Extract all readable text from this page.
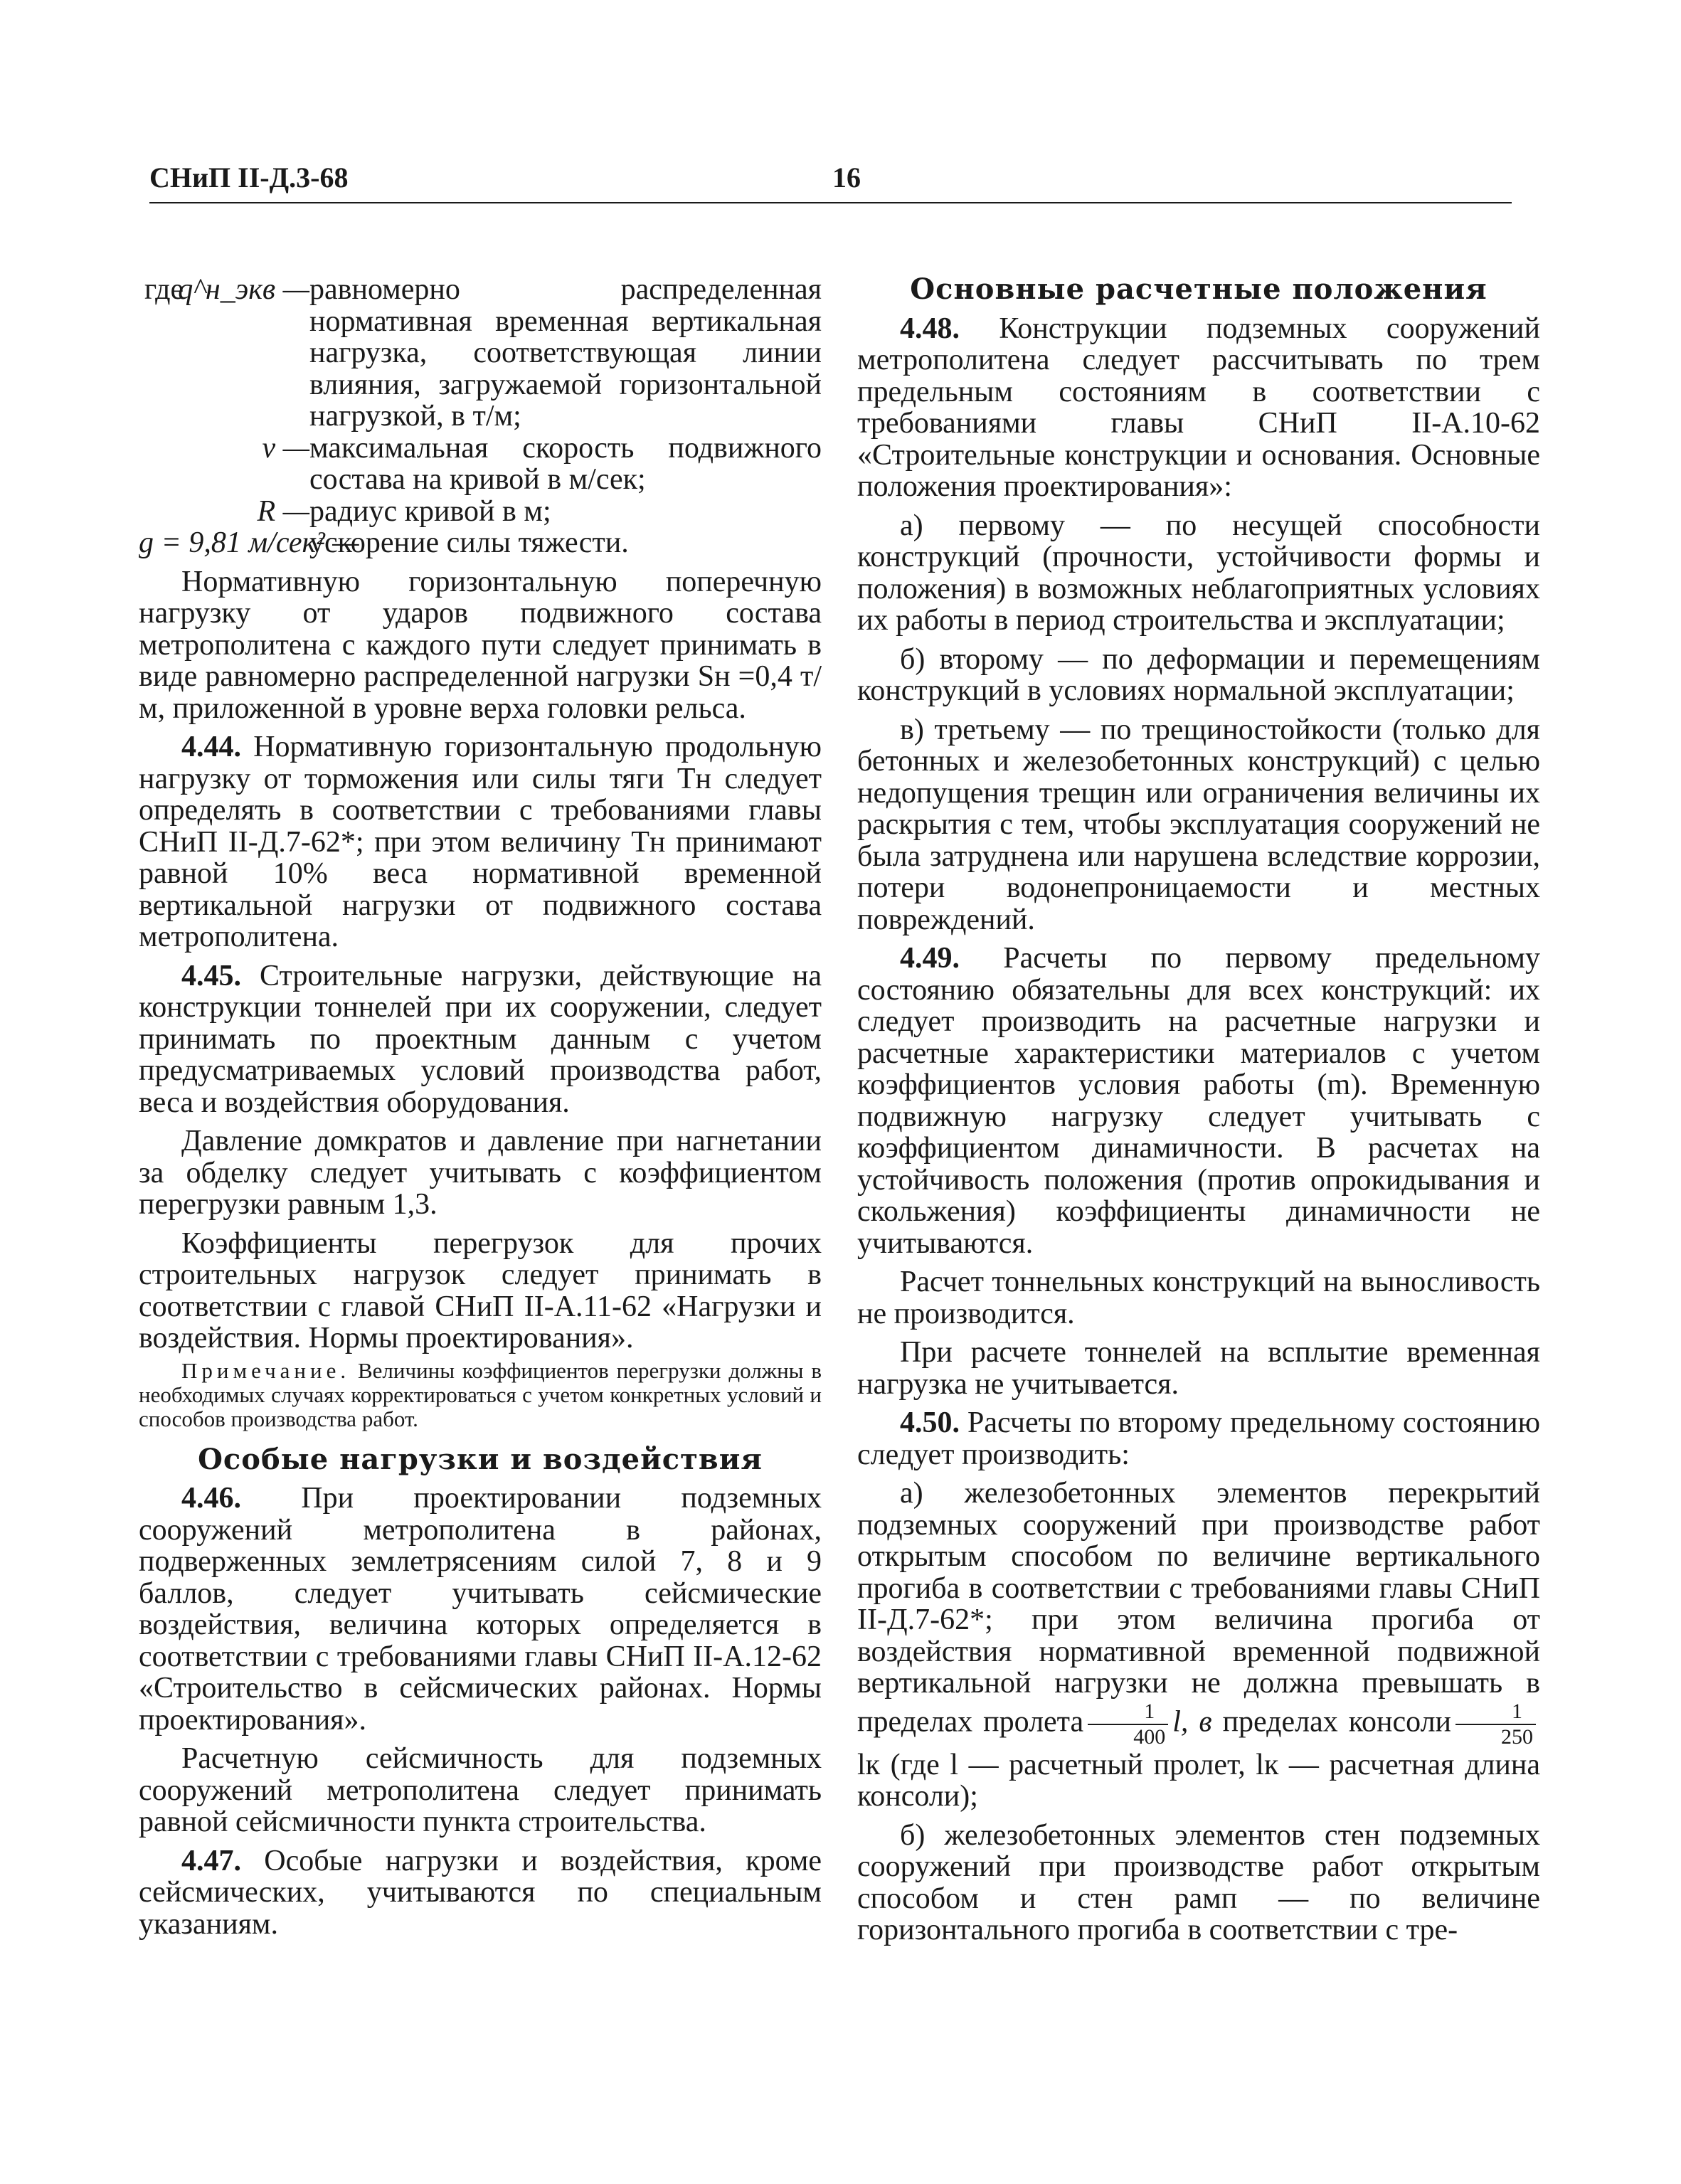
СНиП II-Д.3-68	16
где
q^н_экв — равномерно распределенная нормативная временная вертикальная нагрузка, соответствующая линии влияния, загружаемой горизонтальной нагрузкой, в т/м;
v — максимальная скорость подвижного состава на кривой в м/сек;
R — радиус кривой в м;
g = 9,81 м/сек² —
ускорение силы тяжести.

Нормативную горизонтальную поперечную нагрузку от ударов подвижного состава метрополитена с каждого пути следует принимать в виде равномерно распределенной нагрузки Sн =0,4 т/м, приложенной в уровне верха головки рельса.

4.44. Нормативную горизонтальную продольную нагрузку от торможения или силы тяги Тн следует определять в соответствии с требованиями главы СНиП II-Д.7-62*; при этом величину Тн принимают равной 10% веса нормативной временной вертикальной нагрузки от подвижного состава метрополитена.

4.45. Строительные нагрузки, действующие на конструкции тоннелей при их сооружении, следует принимать по проектным данным с учетом предусматриваемых условий производства работ, веса и воздействия оборудования.

Давление домкратов и давление при нагнетании за обделку следует учитывать с коэффициентом перегрузки равным 1,3.

Коэффициенты перегрузок для прочих строительных нагрузок следует принимать в соответствии с главой СНиП II-А.11-62 «Нагрузки и воздействия. Нормы проектирования».

Примечание. Величины коэффициентов перегрузки должны в необходимых случаях корректироваться с учетом конкретных условий и способов производства работ.

Особые нагрузки и воздействия

4.46. При проектировании подземных сооружений метрополитена в районах, подверженных землетрясениям силой 7, 8 и 9 баллов, следует учитывать сейсмические воздействия, величина которых определяется в соответствии с требованиями главы СНиП II-А.12-62 «Строительство в сейсмических районах. Нормы проектирования».

Расчетную сейсмичность для подземных сооружений метрополитена следует принимать равной сейсмичности пункта строительства.

4.47. Особые нагрузки и воздействия, кроме сейсмических, учитываются по специальным указаниям.

Основные расчетные положения

4.48. Конструкции подземных сооружений метрополитена следует рассчитывать по трем предельным состояниям в соответствии с требованиями главы СНиП II-А.10-62 «Строительные конструкции и основания. Основные положения проектирования»:

а) первому — по несущей способности конструкций (прочности, устойчивости формы и положения) в возможных неблагоприятных условиях их работы в период строительства и эксплуатации;

б) второму — по деформации и перемещениям конструкций в условиях нормальной эксплуатации;

в) третьему — по трещиностойкости (только для бетонных и железобетонных конструкций) с целью недопущения трещин или ограничения величины их раскрытия с тем, чтобы эксплуатация сооружений не была затруднена или нарушена вследствие коррозии, потери водонепроницаемости и местных повреждений.

4.49. Расчеты по первому предельному состоянию обязательны для всех конструкций: их следует производить на расчетные нагрузки и расчетные характеристики материалов с учетом коэффициентов условия работы (m). Временную подвижную нагрузку следует учитывать с коэффициентом динамичности. В расчетах на устойчивость положения (против опрокидывания и скольжения) коэффициенты динамичности не учитываются.

Расчет тоннельных конструкций на выносливость не производится.

При расчете тоннелей на всплытие временная нагрузка не учитывается.

4.50. Расчеты по второму предельному состоянию следует производить:

а) железобетонных элементов перекрытий подземных сооружений при производстве работ открытым способом по величине вертикального прогиба в соответствии с требованиями главы СНиП II-Д.7-62*; при этом величина прогиба от воздействия нормативной временной подвижной вертикальной нагрузки не должна превышать в пределах пролета $\frac{1}{400} l$, в пределах консоли $\frac{1}{250}$
lк (где l — расчетный пролет, lк — расчетная длина консоли);

б) железобетонных элементов стен подземных сооружений при производстве работ открытым способом и стен рамп — по величине горизонтального прогиба в соответствии с тре-
